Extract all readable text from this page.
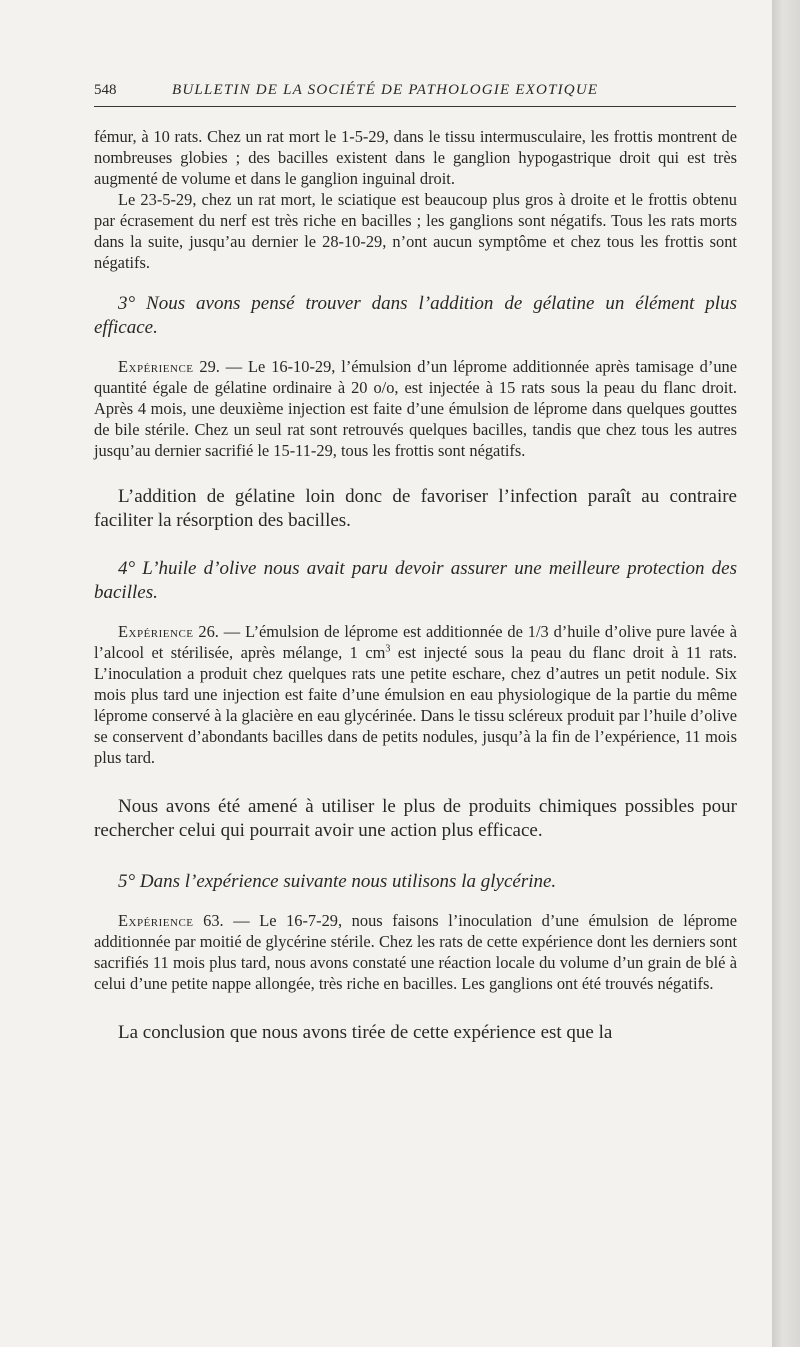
548	BULLETIN DE LA SOCIÉTÉ DE PATHOLOGIE EXOTIQUE

fémur, à 10 rats. Chez un rat mort le 1-5-29, dans le tissu intermusculaire, les frottis montrent de nombreuses globies ; des bacilles existent dans le ganglion hypogastrique droit qui est très augmenté de volume et dans le ganglion inguinal droit.

Le 23-5-29, chez un rat mort, le sciatique est beaucoup plus gros à droite et le frottis obtenu par écrasement du nerf est très riche en bacilles ; les ganglions sont négatifs. Tous les rats morts dans la suite, jusqu’au dernier le 28-10-29, n’ont aucun symptôme et chez tous les frottis sont négatifs.

3° Nous avons pensé trouver dans l’addition de gélatine un élément plus efficace.

Expérience 29. — Le 16-10-29, l’émulsion d’un léprome additionnée après tamisage d’une quantité égale de gélatine ordinaire à 20 o/o, est injectée à 15 rats sous la peau du flanc droit. Après 4 mois, une deuxième injection est faite d’une émulsion de léprome dans quelques gouttes de bile stérile. Chez un seul rat sont retrouvés quelques bacilles, tandis que chez tous les autres jusqu’au dernier sacrifié le 15-11-29, tous les frottis sont négatifs.

L’addition de gélatine loin donc de favoriser l’infection paraît au contraire faciliter la résorption des bacilles.

4° L’huile d’olive nous avait paru devoir assurer une meilleure protection des bacilles.

Expérience 26. — L’émulsion de léprome est additionnée de 1/3 d’huile d’olive pure lavée à l’alcool et stérilisée, après mélange, 1 $cm^3$ est injecté sous la peau du flanc droit à 11 rats. L’inoculation a produit chez quelques rats une petite eschare, chez d’autres un petit nodule. Six mois plus tard une injection est faite d’une émulsion en eau physiologique de la partie du même léprome conservé à la glacière en eau glycérinée. Dans le tissu scléreux produit par l’huile d’olive se conservent d’abondants bacilles dans de petits nodules, jusqu’à la fin de l’expérience, 11 mois plus tard.

Nous avons été amené à utiliser le plus de produits chimiques possibles pour rechercher celui qui pourrait avoir une action plus efficace.

5° Dans l’expérience suivante nous utilisons la glycérine.

Expérience 63. — Le 16-7-29, nous faisons l’inoculation d’une émulsion de léprome additionnée par moitié de glycérine stérile. Chez les rats de cette expérience dont les derniers sont sacrifiés 11 mois plus tard, nous avons constaté une réaction locale du volume d’un grain de blé à celui d’une petite nappe allongée, très riche en bacilles. Les ganglions ont été trouvés négatifs.

La conclusion que nous avons tirée de cette expérience est que la
